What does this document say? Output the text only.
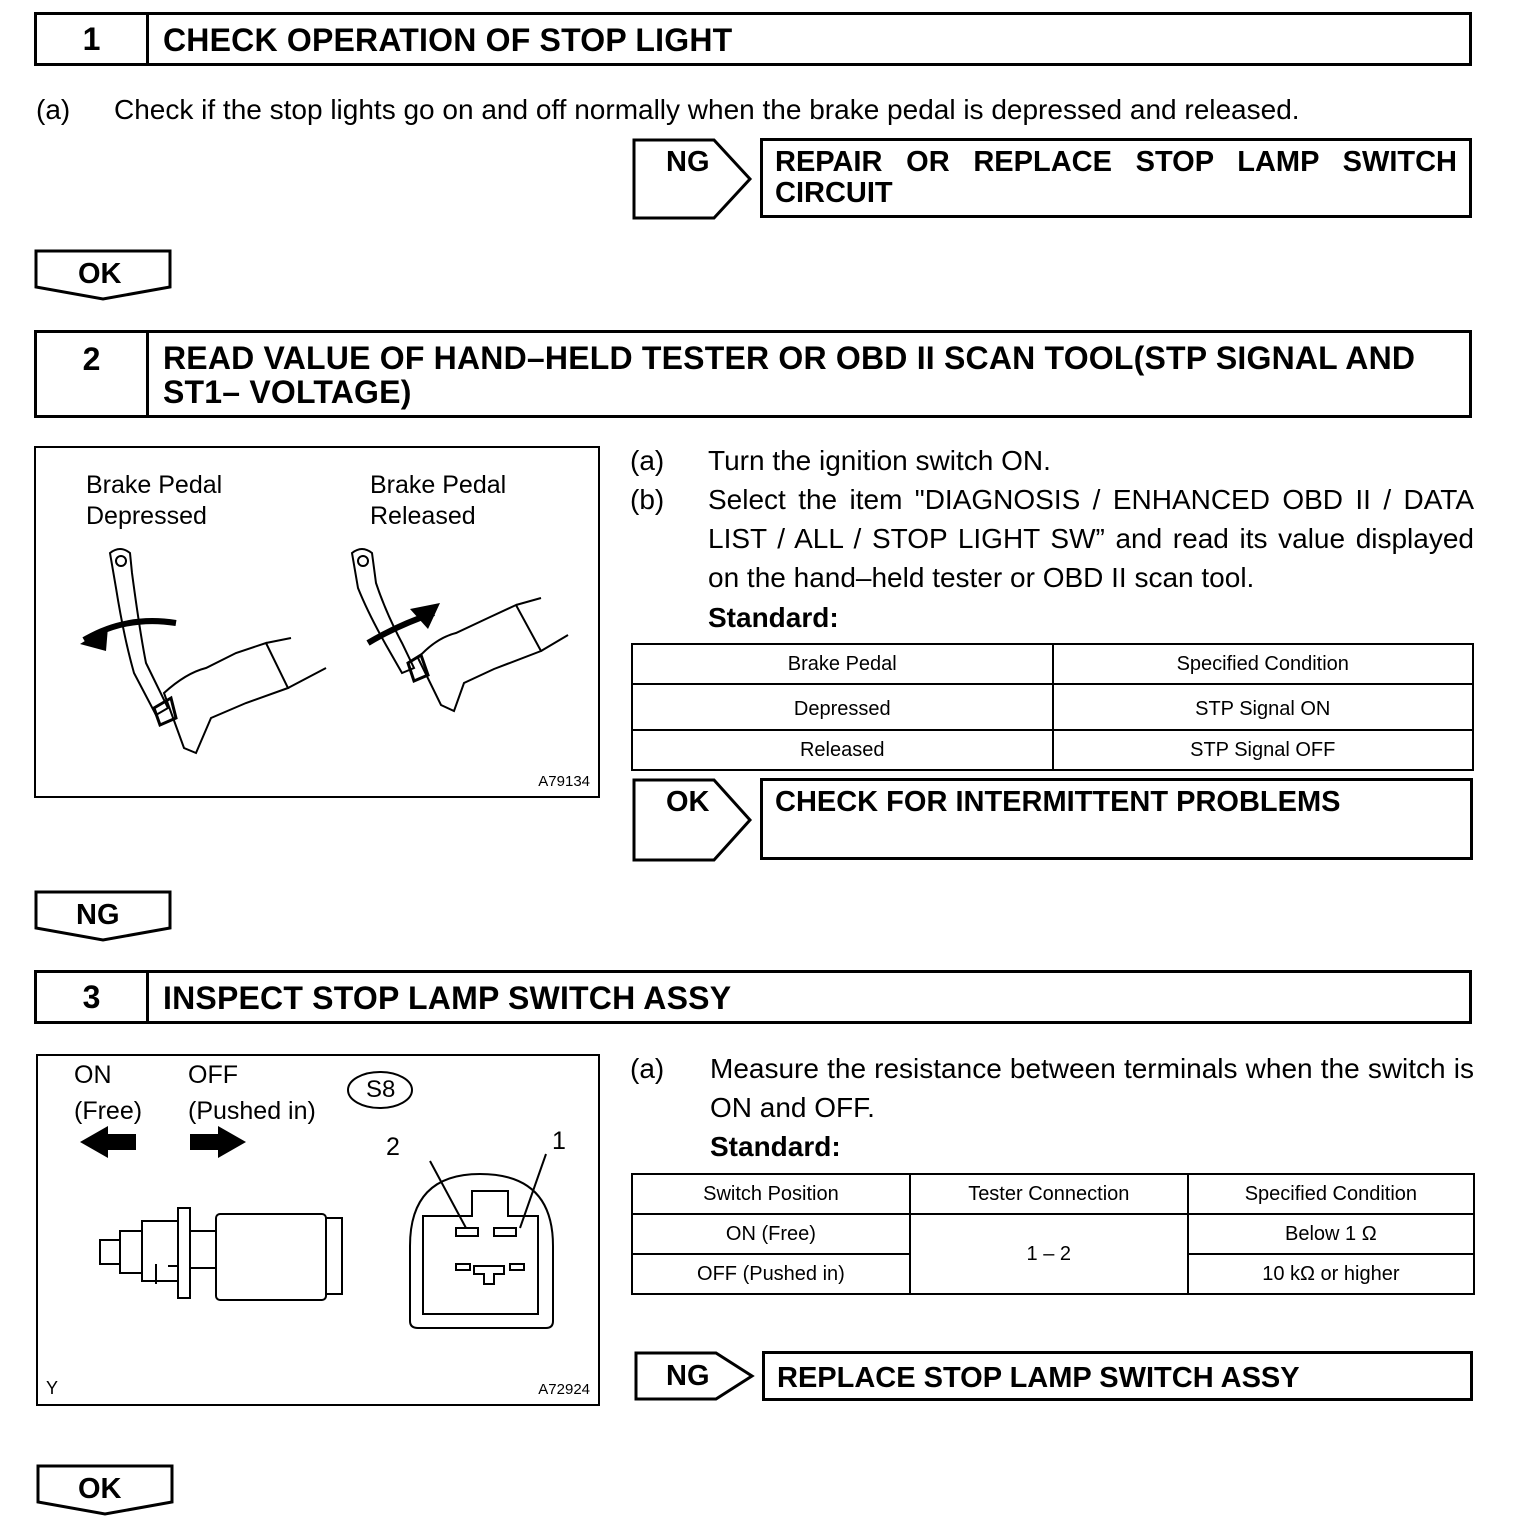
1	CHECK OPERATION OF STOP LIGHT
(a)	Check if the stop lights go on and off normally when the brake pedal is depressed and released.
NG	REPAIR OR REPLACE STOP LAMP SWITCH CIRCUIT
OK
2	READ VALUE OF HAND–HELD TESTER OR OBD II SCAN TOOL(STP SIGNAL AND ST1– VOLTAGE)
Brake Pedal
Depressed
Brake Pedal
Released
A79134
(a)	Turn the ignition switch ON.
(b)	Select the item "DIAGNOSIS / ENHANCED OBD II / DATA LIST / ALL / STOP LIGHT SW” and read its value displayed on the hand–held tester or OBD II scan tool.
Standard:
Brake Pedal	Specified Condition
Depressed	STP Signal ON
Released	STP Signal OFF
OK	CHECK FOR INTERMITTENT PROBLEMS
NG
3	INSPECT STOP LAMP SWITCH ASSY
ON
(Free)
OFF
(Pushed in)
S8
2	1
Y	A72924
(a)	Measure the resistance between terminals when the switch is ON and OFF.
Standard:
Switch Position	Tester Connection	Specified Condition
ON (Free)	1 – 2	Below 1 Ω
OFF (Pushed in)		10 kΩ or higher
NG	REPLACE STOP LAMP SWITCH ASSY
OK
